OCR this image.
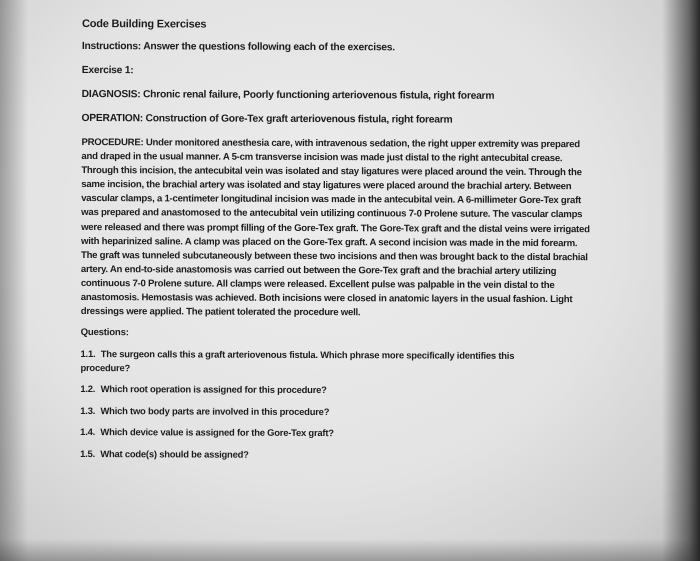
Code Building Exercises
Instructions: Answer the questions following each of the exercises.
Exercise 1:
DIAGNOSIS: Chronic renal failure, Poorly functioning arteriovenous fistula, right forearm
OPERATION: Construction of Gore-Tex graft arteriovenous fistula, right forearm
PROCEDURE: Under monitored anesthesia care, with intravenous sedation, the right upper extremity was prepared and draped in the usual manner. A 5-cm transverse incision was made just distal to the right antecubital crease. Through this incision, the antecubital vein was isolated and stay ligatures were placed around the vein. Through the same incision, the brachial artery was isolated and stay ligatures were placed around the brachial artery. Between vascular clamps, a 1-centimeter longitudinal incision was made in the antecubital vein. A 6-millimeter Gore-Tex graft was prepared and anastomosed to the antecubital vein utilizing continuous 7-0 Prolene suture. The vascular clamps were released and there was prompt filling of the Gore-Tex graft. The Gore-Tex graft and the distal veins were irrigated with heparinized saline. A clamp was placed on the Gore-Tex graft. A second incision was made in the mid forearm. The graft was tunneled subcutaneously between these two incisions and then was brought back to the distal brachial artery. An end-to-side anastomosis was carried out between the Gore-Tex graft and the brachial artery utilizing continuous 7-0 Prolene suture. All clamps were released. Excellent pulse was palpable in the vein distal to the anastomosis. Hemostasis was achieved. Both incisions were closed in anatomic layers in the usual fashion. Light dressings were applied. The patient tolerated the procedure well.
Questions:
1.1. The surgeon calls this a graft arteriovenous fistula. Which phrase more specifically identifies this procedure?
1.2. Which root operation is assigned for this procedure?
1.3. Which two body parts are involved in this procedure?
1.4. Which device value is assigned for the Gore-Tex graft?
1.5. What code(s) should be assigned?
